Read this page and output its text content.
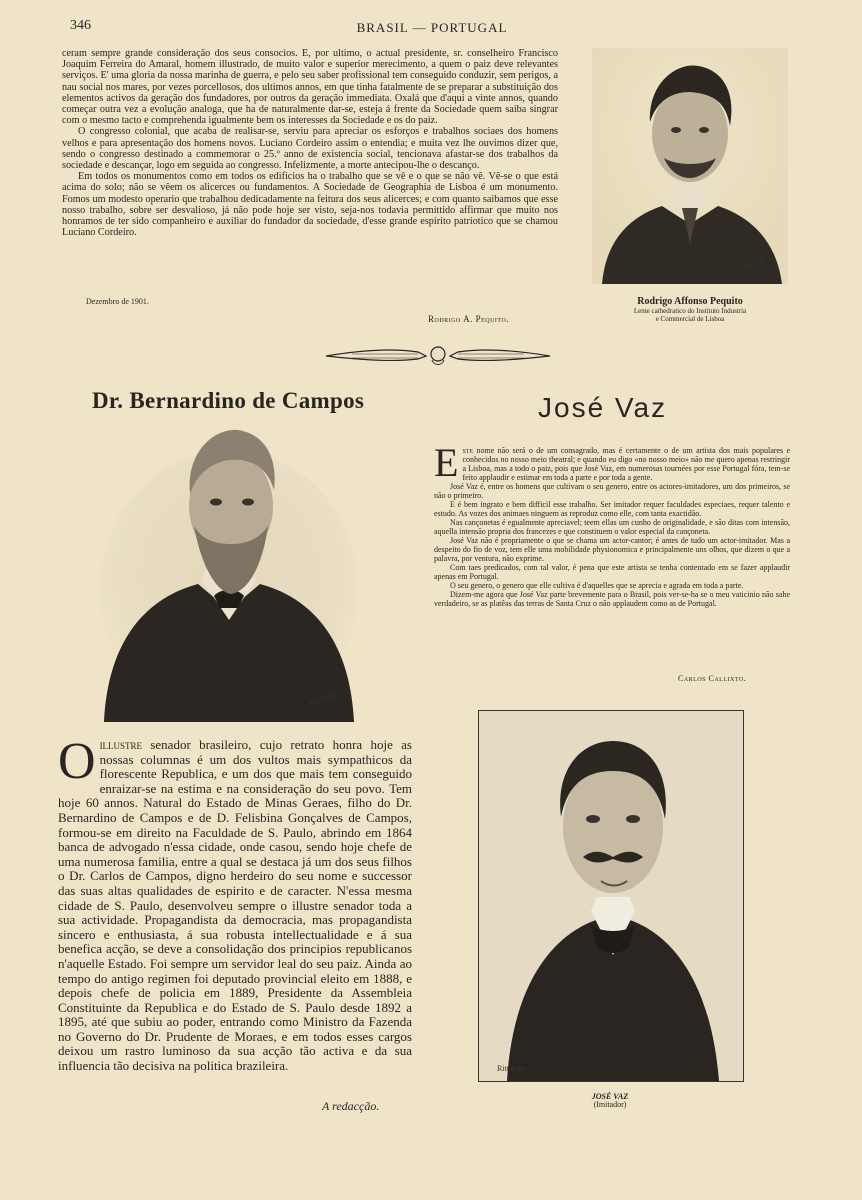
346	BRASIL — PORTUGAL

ceram sempre grande consideração dos seus consocios. E, por ultimo, o actual presidente, sr. conselheiro Francisco Joaquim Ferreira do Amaral, homem illustrado, de muito valor e superior merecimento, a quem o paiz deve relevantes serviços. E' uma gloria da nossa marinha de guerra, e pelo seu saber profissional tem conseguido conduzir, sem perigos, a nau social nos mares, por vezes porcellosos, dos ultimos annos, em que tinha fatalmente de se preparar a substituição dos elementos activos da geração dos fundadores, por outros da geração immediata. Oxalá que d'aqui a vinte annos, quando começar outra vez a evolução analoga, que ha de naturalmente dar-se, esteja á frente da Sociedade quem saiba singrar com o mesmo tacto e comprehenda igualmente bem os interesses da Sociedade e os do paiz.

O congresso colonial, que acaba de realisar-se, serviu para apreciar os esforços e trabalhos sociaes dos homens velhos e para apresentação dos homens novos. Luciano Cordeiro assim o entendia; e muita vez lhe ouvimos dizer que, sendo o congresso destinado a commemorar o 25.º anno de existencia social, tencionava afastar-se dos trabalhos da sociedade e descançar, logo em seguida ao congresso. Infelizmente, a morte antecipou-lhe o descanço.

Em todos os monumentos como em todos os edificios ha o trabalho que se vê e o que se não vê. Vê-se o que está acima do solo; não se vêem os alicerces ou fundamentos. A Sociedade de Geographia de Lisboa é um monumento. Fomos um modesto operario que trabalhou dedicadamente na feitura dos seus alicerces; e com quanto saibamos que esse nosso trabalho, sobre ser desvalioso, já não pode hoje ser visto, seja-nos todavia permittido affirmar que muito nos honramos de ter sido companheiro e auxiliar do fundador da sociedade, d'esse grande espirito patriotico que se chamou Luciano Cordeiro.

Dezembro de 1901.
Rodrigo A. Pequito.
Ritter-ge
Rodrigo Affonso Pequito
Lente cathedratico do Instituto Industria
e Commercial de Lisboa
Dr. Bernardino de Campos
Ritter-ge

Oillustre senador brasileiro, cujo retrato honra hoje as nossas columnas é um dos vultos mais sympathicos da florescente Republica, e um dos que mais tem conseguido enraizar-se na estima e na consideração do seu povo. Tem hoje 60 annos. Natural do Estado de Minas Geraes, filho do Dr. Bernardino de Campos e de D. Felisbina Gonçalves de Campos, formou-se em direito na Faculdade de S. Paulo, abrindo em 1864 banca de advogado n'essa cidade, onde casou, sendo hoje chefe de uma numerosa familia, entre a qual se destaca já um dos seus filhos o Dr. Carlos de Campos, digno herdeiro do seu nome e successor das suas altas qualidades de espirito e de caracter. N'essa mesma cidade de S. Paulo, desenvolveu sempre o illustre senador toda a sua actividade. Propagandista da democracia, mas propagandista sincero e enthusiasta, á sua robusta intellectualidade e á sua benefica acção, se deve a consolidação dos principios republicanos n'aquelle Estado. Foi sempre um servidor leal do seu paiz. Ainda ao tempo do antigo regimen foi deputado provincial eleito em 1888, e depois chefe de policia em 1889, Presidente da Assembleia Constituinte da Republica e do Estado de S. Paulo desde 1892 a 1895, até que subiu ao poder, entrando como Ministro da Fazenda no Governo do Dr. Prudente de Moraes, e em todos esses cargos deixou um rastro luminoso da sua acção tão activa e da sua influencia tão decisiva na politica brazileira.

A redacção.
José Vaz

Este nome não será o de um consagrado, mas é certamente o de um artista dos mais populares e conhecidos no nosso meio theatral; e quando eu digo «no nosso meio» não me quero apenas restringir a Lisboa, mas a todo o paiz, pois que José Vaz, em numerosas tournées por esse Portugal fóra, tem-se feito applaudir e estimar em toda a parte e por toda a gente.

José Vaz é, entre os homens que cultivam o seu genero, entre os actores-imitadores, um dos primeiros, se não o primeiro.

E é bem ingrato e bem difficil esse trabalho. Ser imitador requer faculdades especiaes, requer talento e estudo. As vozes dos animaes ninguem as reproduz como elle, com tanta exactidão.

Nas cançonetas é egualmente apreciavel; teem ellas um cunho de originalidade, e são ditas com intensão, aquella intensão propria dos francezes e que constituem o valor especial da cançoneta.

José Vaz não é propriamente o que se chama um actor-cantor; é antes de tudo um actor-imitador. Mas a despeito do fio de voz, tem elle uma mobilidade physionomica e principalmente uns olhos, que dizem o que a palavra, por ventura, não exprime.

Com taes predicados, com tal valor, é pena que este artista se tenha contentado em se fazer applaudir apenas em Portugal.

O seu genero, o genero que elle cultiva é d'aquelles que se aprecia e agrada em toda a parte.

Dizem-me agora que José Vaz parte brevemente para o Brasil, pois ver-se-ha se o meu vaticinio não sahe verdadeiro, se as platêas das terras de Santa Cruz o não applaudem como as de Portugal.

Carlos Callixto.
Ritter-ge
JOSÉ VAZ
(Imitador)
